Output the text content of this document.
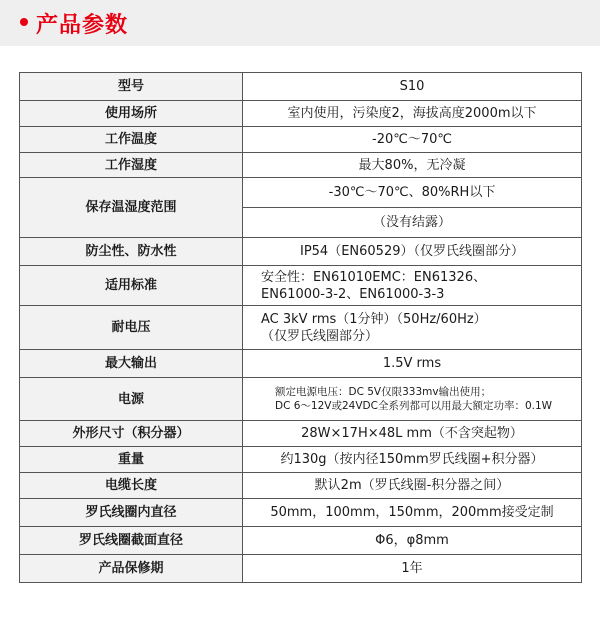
产品参数
型号	S10
使用场所	室内使用，污染度2，海拔高度2000m以下
工作温度	-20℃～70℃
工作湿度	最大80%，无冷凝
保存温湿度范围	-30℃～70℃、80%RH以下
	（没有结露）
防尘性、防水性	IP54（EN60529）（仅罗氏线圈部分）
适用标准	安全性：EN61010EMC：EN61326、
EN61000-3-2、EN61000-3-3

耐电压	AC 3kV rms（1分钟）（50Hz/60Hz）
（仅罗氏线圈部分）

最大输出	1.5V rms
电源	额定电源电压：DC 5V仅限333mv输出使用；
DC 6～12V或24VDC全系列都可以用最大额定功率：0.1W

外形尺寸（积分器）	28W×17H×48L mm（不含突起物）
重量	约130g（按内径150mm罗氏线圈+积分器）
电缆长度	默认2m（罗氏线圈-积分器之间）
罗氏线圈内直径	50mm，100mm，150mm，200mm接受定制
罗氏线圈截面直径	Φ6，φ8mm
产品保修期	1年
